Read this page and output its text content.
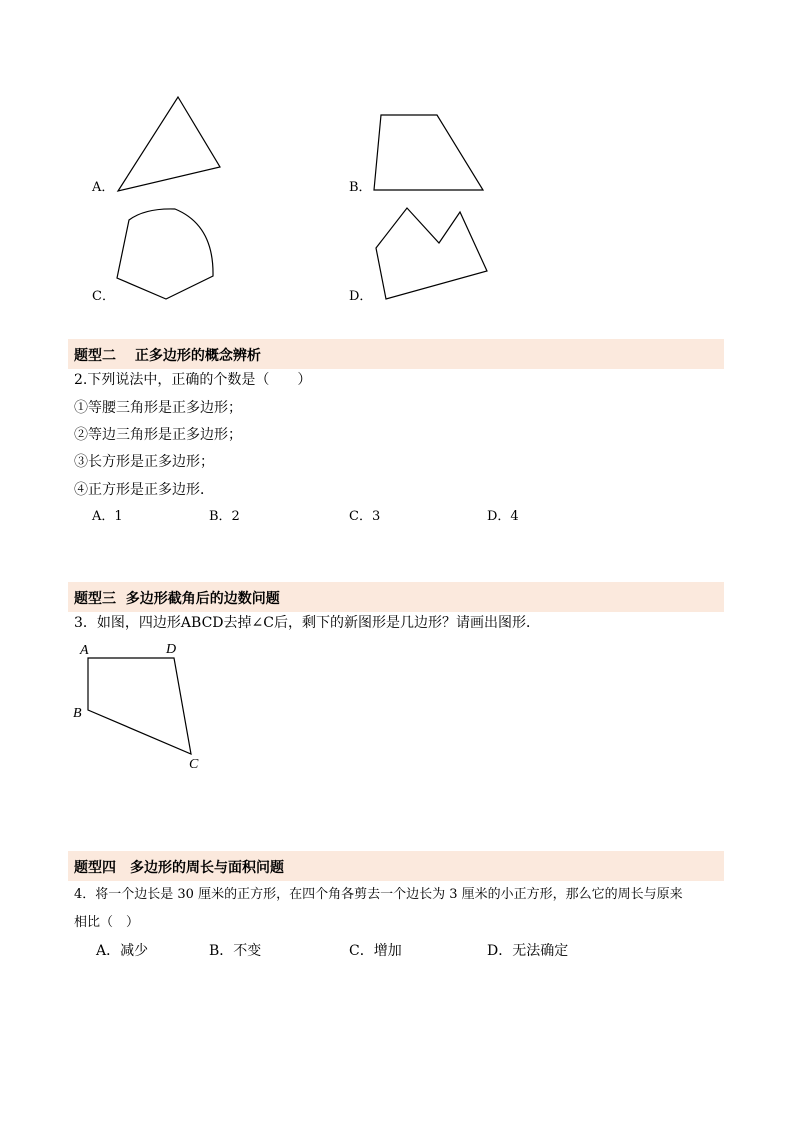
A．	B．
C．	D．
题型二　 正多边形的概念辨析
2.下列说法中，正确的个数是（　　）
①等腰三角形是正多边形；
②等边三角形是正多边形；
③长方形是正多边形；
④正方形是正多边形．
A．1	B．2	C．3	D．4
题型三  多边形截角后的边数问题
3．如图，四边形ABCD去掉∠C后，剩下的新图形是几边形？请画出图形．
A
B
C
D
题型四　多边形的周长与面积问题
4．将一个边长是 30 厘米的正方形，在四个角各剪去一个边长为 3 厘米的小正方形，那么它的周长与原来
相比（　）
A．减少	B．不变	C．增加	D．无法确定
